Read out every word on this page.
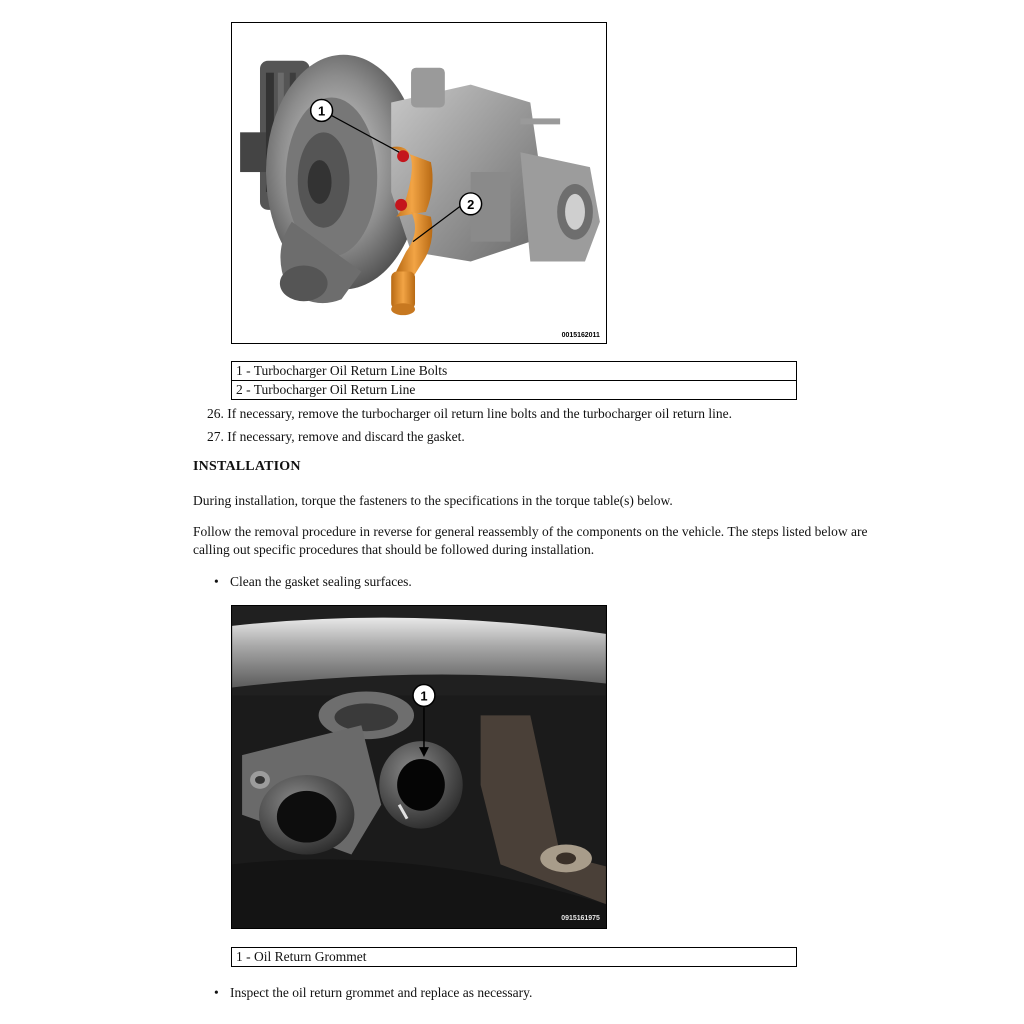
1
2
0015162011
1 - Turbocharger Oil Return Line Bolts
2 - Turbocharger Oil Return Line
26. If necessary, remove the turbocharger oil return line bolts and the turbocharger oil return line.
27. If necessary, remove and discard the gasket.
INSTALLATION
During installation, torque the fasteners to the specifications in the torque table(s) below.
Follow the removal procedure in reverse for general reassembly of the components on the vehicle. The steps listed below are calling out specific procedures that should be followed during installation.
• Clean the gasket sealing surfaces.
1
0915161975
1 - Oil Return Grommet
• Inspect the oil return grommet and replace as necessary.
